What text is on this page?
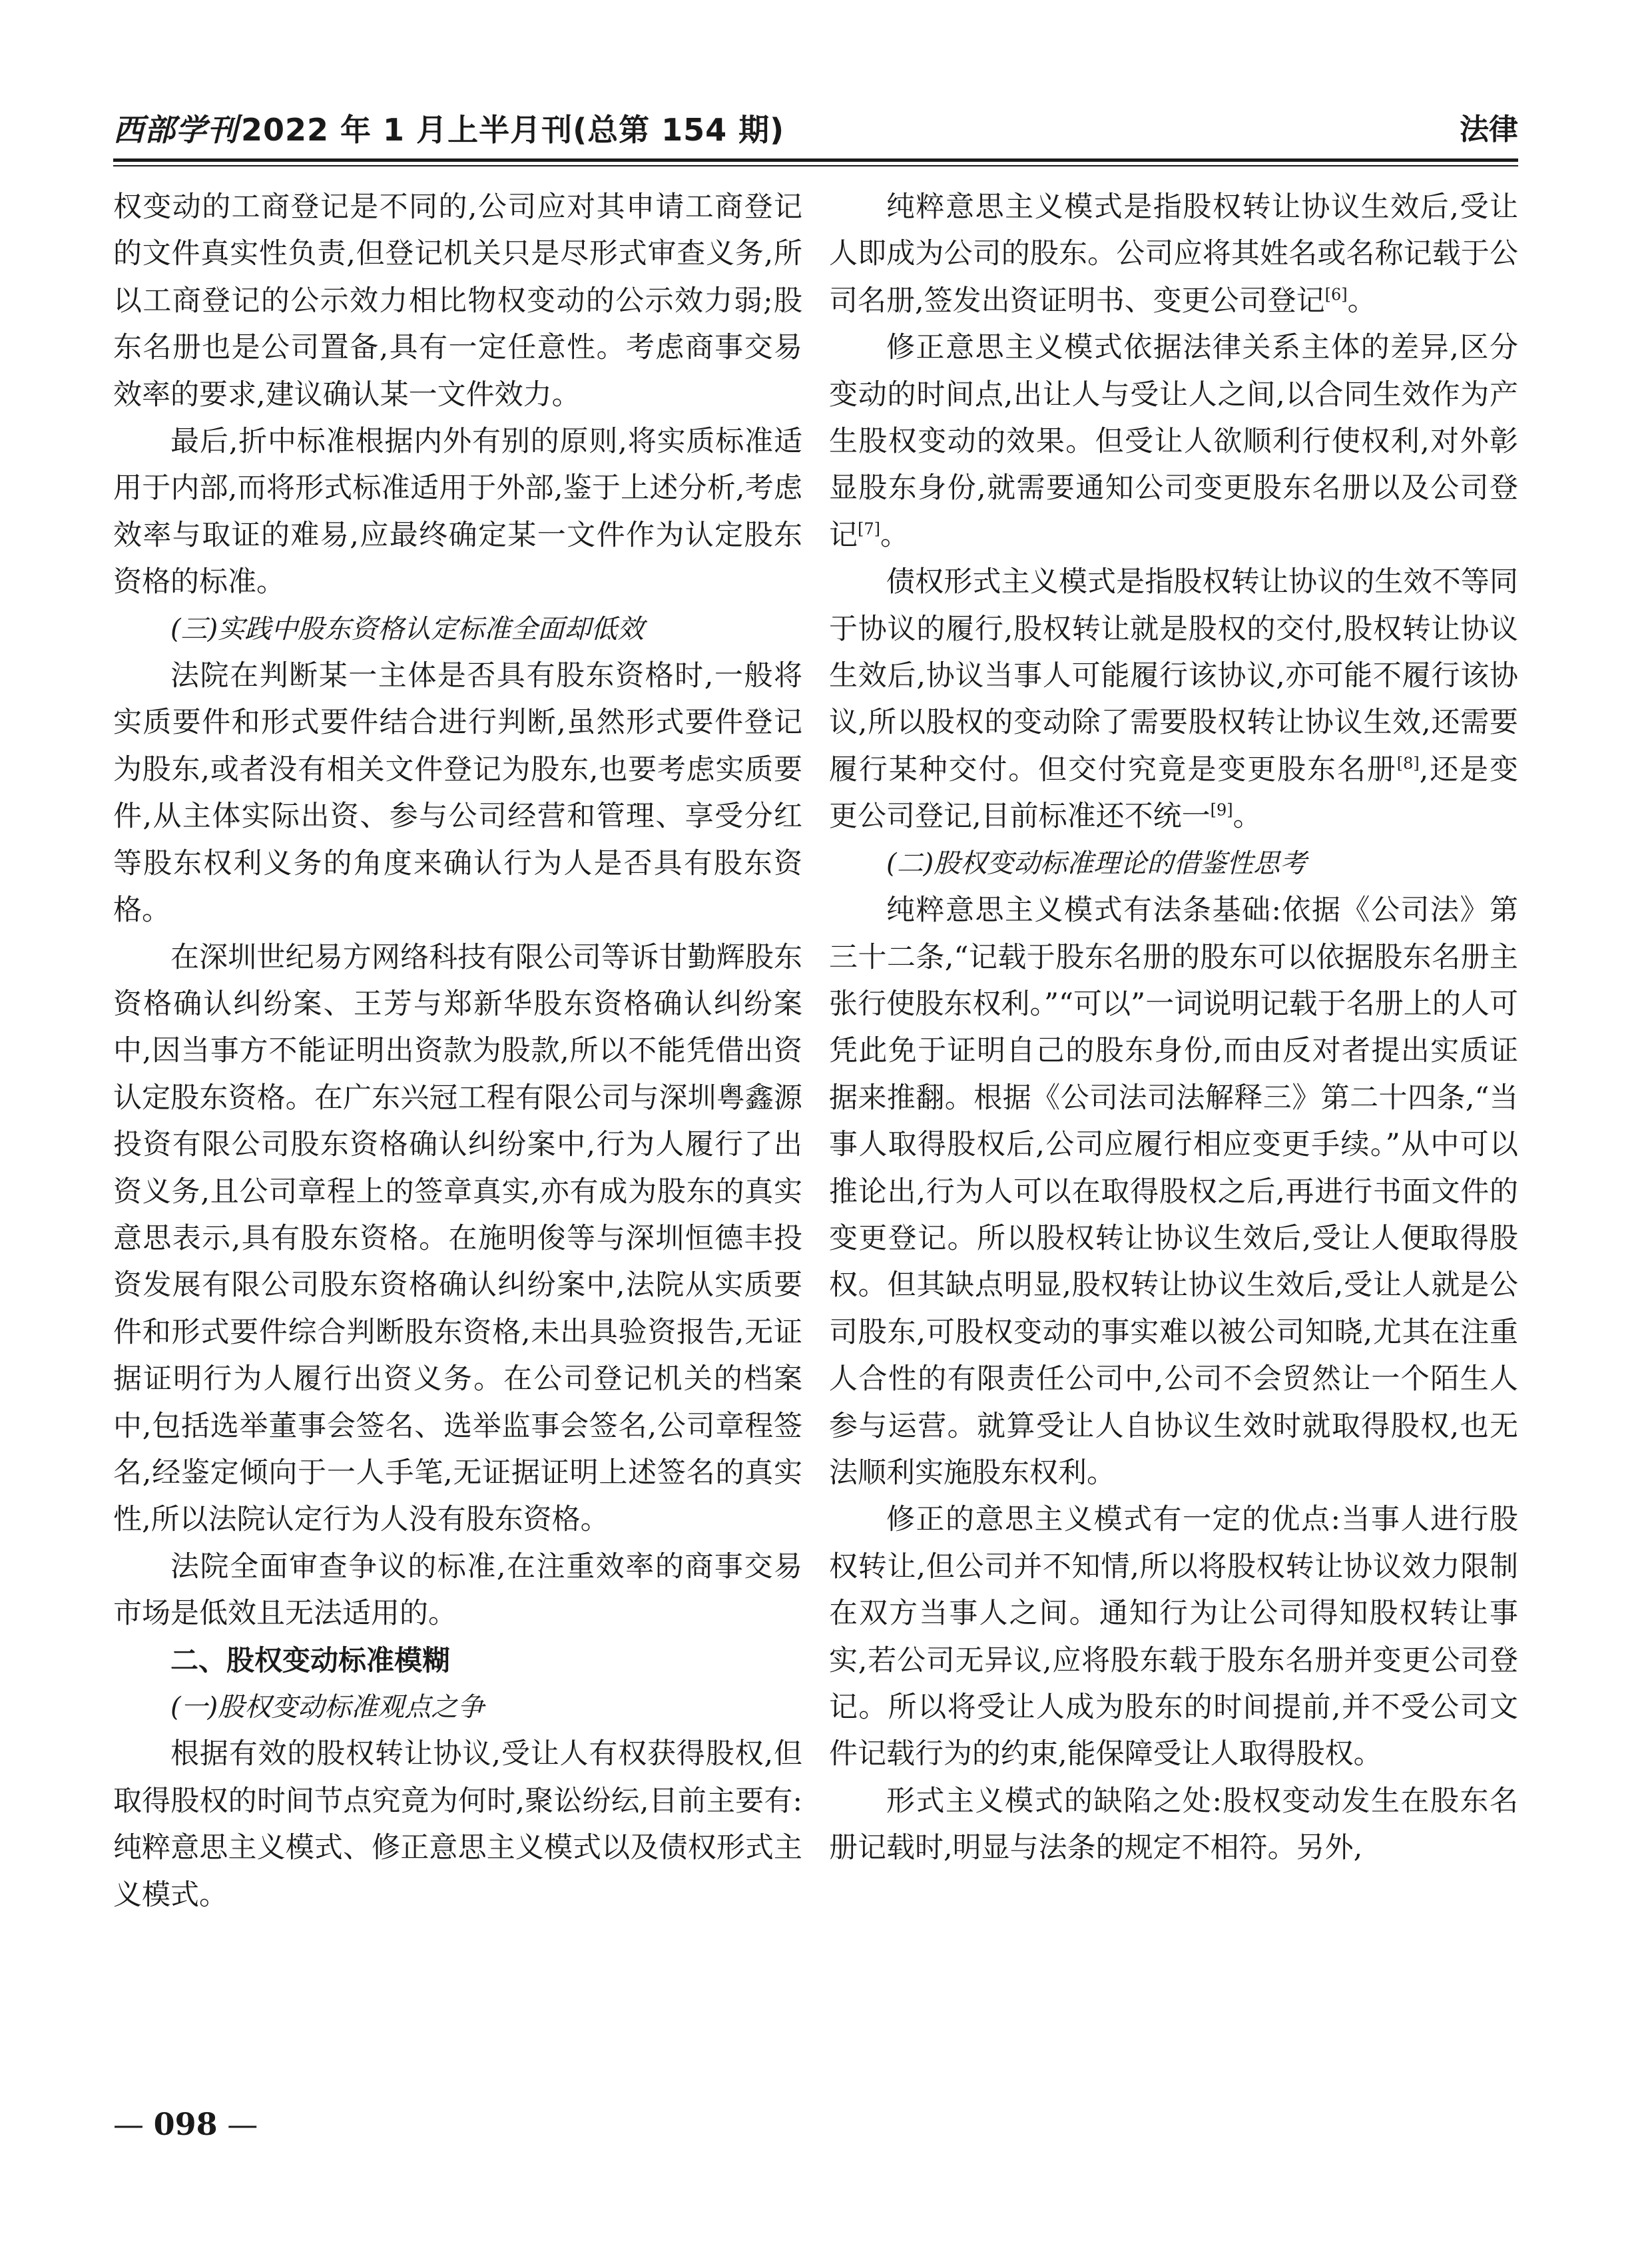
西部学刊2022 年 1 月上半月刊(总第 154 期)	法律

权变动的工商登记是不同的,公司应对其申请工商登记的文件真实性负责,但登记机关只是尽形式审查义务,所以工商登记的公示效力相比物权变动的公示效力弱;股东名册也是公司置备,具有一定任意性。考虑商事交易效率的要求,建议确认某一文件效力。

最后,折中标准根据内外有别的原则,将实质标准适用于内部,而将形式标准适用于外部,鉴于上述分析,考虑效率与取证的难易,应最终确定某一文件作为认定股东资格的标准。

(三)实践中股东资格认定标准全面却低效

法院在判断某一主体是否具有股东资格时,一般将实质要件和形式要件结合进行判断,虽然形式要件登记为股东,或者没有相关文件登记为股东,也要考虑实质要件,从主体实际出资、参与公司经营和管理、享受分红等股东权利义务的角度来确认行为人是否具有股东资格。

在深圳世纪易方网络科技有限公司等诉甘勤辉股东资格确认纠纷案、王芳与郑新华股东资格确认纠纷案中,因当事方不能证明出资款为股款,所以不能凭借出资认定股东资格。在广东兴冠工程有限公司与深圳粤鑫源投资有限公司股东资格确认纠纷案中,行为人履行了出资义务,且公司章程上的签章真实,亦有成为股东的真实意思表示,具有股东资格。在施明俊等与深圳恒德丰投资发展有限公司股东资格确认纠纷案中,法院从实质要件和形式要件综合判断股东资格,未出具验资报告,无证据证明行为人履行出资义务。在公司登记机关的档案中,包括选举董事会签名、选举监事会签名,公司章程签名,经鉴定倾向于一人手笔,无证据证明上述签名的真实性,所以法院认定行为人没有股东资格。

法院全面审查争议的标准,在注重效率的商事交易市场是低效且无法适用的。

二、股权变动标准模糊

(一)股权变动标准观点之争

根据有效的股权转让协议,受让人有权获得股权,但取得股权的时间节点究竟为何时,聚讼纷纭,目前主要有:纯粹意思主义模式、修正意思主义模式以及债权形式主义模式。

纯粹意思主义模式是指股权转让协议生效后,受让人即成为公司的股东。公司应将其姓名或名称记载于公司名册,签发出资证明书、变更公司登记[6]。

修正意思主义模式依据法律关系主体的差异,区分变动的时间点,出让人与受让人之间,以合同生效作为产生股权变动的效果。但受让人欲顺利行使权利,对外彰显股东身份,就需要通知公司变更股东名册以及公司登记[7]。

债权形式主义模式是指股权转让协议的生效不等同于协议的履行,股权转让就是股权的交付,股权转让协议生效后,协议当事人可能履行该协议,亦可能不履行该协议,所以股权的变动除了需要股权转让协议生效,还需要履行某种交付。但交付究竟是变更股东名册[8],还是变更公司登记,目前标准还不统一[9]。

(二)股权变动标准理论的借鉴性思考

纯粹意思主义模式有法条基础:依据《公司法》第三十二条,“记载于股东名册的股东可以依据股东名册主张行使股东权利。”“可以”一词说明记载于名册上的人可凭此免于证明自己的股东身份,而由反对者提出实质证据来推翻。根据《公司法司法解释三》第二十四条,“当事人取得股权后,公司应履行相应变更手续。”从中可以推论出,行为人可以在取得股权之后,再进行书面文件的变更登记。所以股权转让协议生效后,受让人便取得股权。但其缺点明显,股权转让协议生效后,受让人就是公司股东,可股权变动的事实难以被公司知晓,尤其在注重人合性的有限责任公司中,公司不会贸然让一个陌生人参与运营。就算受让人自协议生效时就取得股权,也无法顺利实施股东权利。

修正的意思主义模式有一定的优点:当事人进行股权转让,但公司并不知情,所以将股权转让协议效力限制在双方当事人之间。通知行为让公司得知股权转让事实,若公司无异议,应将股东载于股东名册并变更公司登记。所以将受让人成为股东的时间提前,并不受公司文件记载行为的约束,能保障受让人取得股权。

形式主义模式的缺陷之处:股权变动发生在股东名册记载时,明显与法条的规定不相符。另外,

— 098 —
